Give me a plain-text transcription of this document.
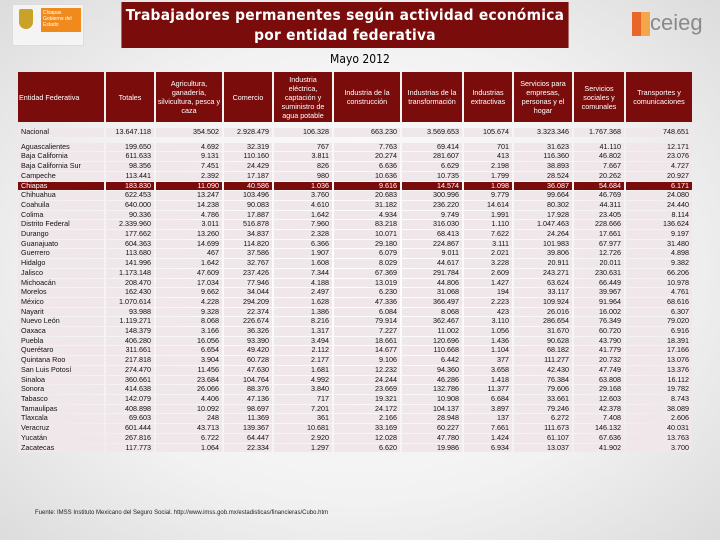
Chiapas Gobierno del Estado
Trabajadores permanentes según actividad económica por entidad federativa	ceieg
Mayo 2012
Entidad Federativa	Totales	Agricultura, ganadería, silvicultura, pesca y caza	Comercio	Industria eléctrica, captación y suministro de agua potable	Industria de la construcción	Industrias de la transformación	Industrias extractivas	Servicios para empresas, personas y el hogar	Servicios sociales y comunales	Transportes y comunicaciones

Nacional	13.647.118	354.502	2.928.479	106.328	663.230	3.569.653	105.674	3.323.346	1.767.368	748.651

Aguascalientes	199.650	4.692	32.319	767	7.763	69.414	701	31.623	41.110	12.171
Baja California	611.633	9.131	110.160	3.811	20.274	281.607	413	116.360	46.802	23.076
Baja California Sur	98.356	7.451	24.429	826	6.636	6.629	2.198	38.893	7.667	4.727
Campeche	113.441	2.392	17.187	980	10.636	10.735	1.799	28.524	20.262	20.927
Chiapas	183.830	11.090	40.586	1.036	9.616	14.574	1.098	36.087	54.684	6.171
Chihuahua	622.453	13.247	103.496	3.760	20.683	300.996	9.779	99.664	46.769	24.080
Coahuila	640.000	14.238	90.083	4.610	31.182	236.220	14.614	80.302	44.311	24.440
Colima	90.336	4.786	17.887	1.642	4.934	9.749	1.991	17.928	23.405	8.114
Distrito Federal	2.339.960	3.011	516.878	7.960	83.218	316.030	1.110	1.047.463	228.666	136.624
Durango	177.662	13.260	34.837	2.328	10.071	68.413	7.622	24.264	17.661	9.197
Guanajuato	604.363	14.699	114.820	6.366	29.180	224.867	3.111	101.983	67.977	31.480
Guerrero	113.680	467	37.586	1.907	6.079	9.011	2.021	39.806	12.726	4.898
Hidalgo	141.996	1.642	32.767	1.608	8.029	44.617	3.228	20.911	20.011	9.382
Jalisco	1.173.148	47.609	237.426	7.344	67.369	291.784	2.609	243.271	230.631	66.206
Michoacán	208.470	17.034	77.946	4.188	13.019	44.806	1.427	63.624	66.449	10.978
Morelos	162.430	9.662	34.044	2.497	6.230	31.068	194	33.117	39.967	4.761
México	1.070.614	4.228	294.209	1.628	47.336	366.497	2.223	109.924	91.964	68.616
Nayarit	93.988	9.328	22.374	1.386	6.084	8.068	423	26.016	16.002	6.307
Nuevo León	1.119.271	8.068	226.674	8.216	79.914	362.467	3.110	286.654	76.349	79.020
Oaxaca	148.379	3.166	36.326	1.317	7.227	11.002	1.056	31.670	60.720	6.916
Puebla	406.280	16.056	93.390	3.494	18.661	120.696	1.436	90.628	43.790	18.391
Querétaro	311.661	6.654	49.420	2.112	14.677	110.668	1.104	68.182	41.779	17.166
Quintana Roo	217.818	3.904	60.728	2.177	9.106	6.442	377	111.277	20.732	13.076
San Luis Potosí	274.470	11.456	47.630	1.681	12.232	94.360	3.658	42.430	47.749	13.376
Sinaloa	360.661	23.684	104.764	4.992	24.244	46.286	1.418	76.384	63.808	16.112
Sonora	414.638	26.066	88.376	3.840	23.669	132.786	11.377	79.606	29.168	19.782
Tabasco	142.079	4.406	47.136	717	19.321	10.908	6.684	33.661	12.603	8.743
Tamaulipas	408.898	10.092	98.697	7.201	24.172	104.137	3.897	79.246	42.378	38.089
Tlaxcala	69.603	248	11.369	361	2.166	28.948	137	6.272	7.408	2.606
Veracruz	601.444	43.713	139.367	10.681	33.169	60.227	7.661	111.673	146.132	40.031
Yucatán	267.816	6.722	64.447	2.920	12.028	47.780	1.424	61.107	67.636	13.763
Zacatecas	117.773	1.064	22.334	1.297	6.620	19.986	6.934	13.037	41.902	3.700
Fuente: IMSS Instituto Mexicano del Seguro Social. http://www.imss.gob.mx/estadisticas/financieras/Cubo.htm
